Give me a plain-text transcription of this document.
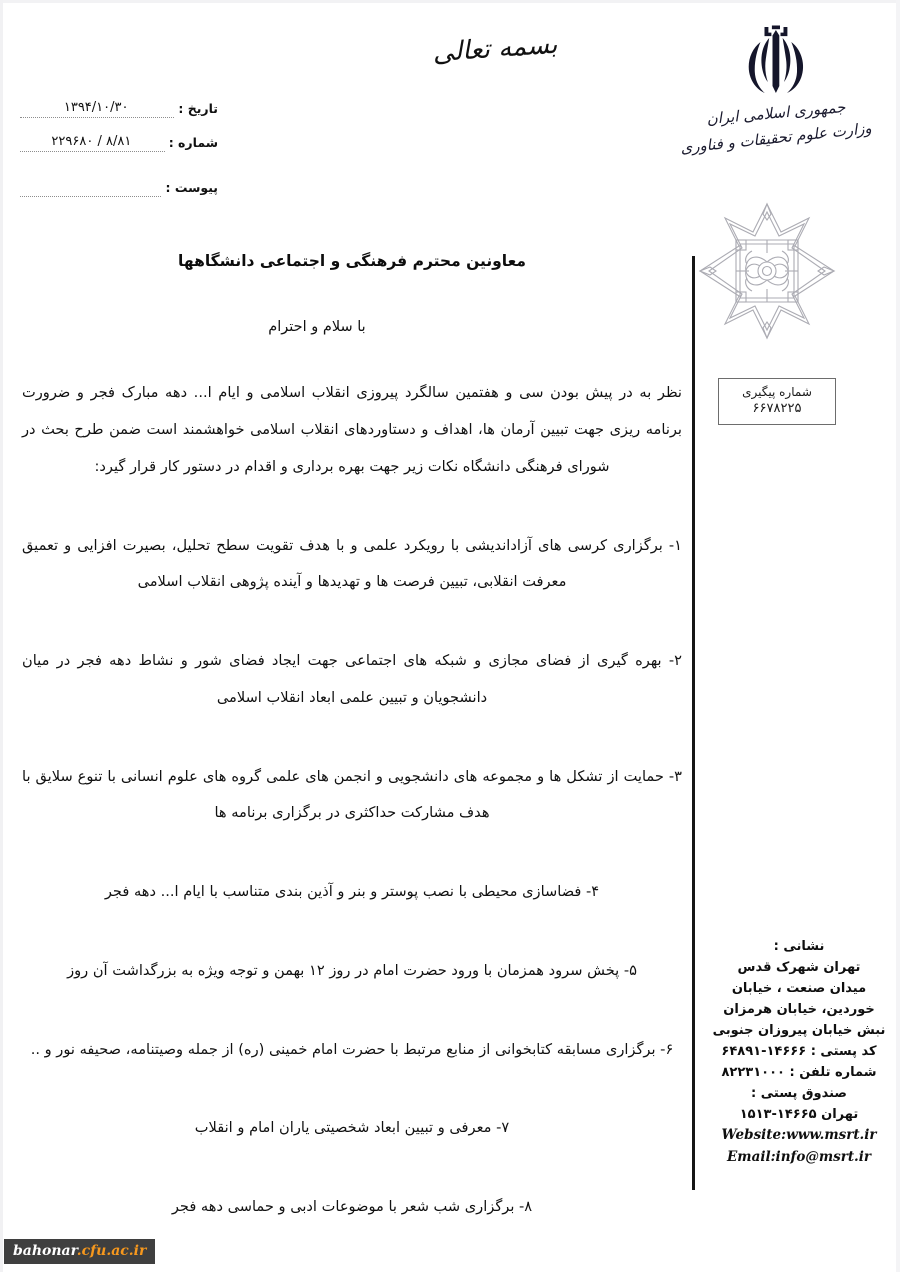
بسمه تعالی
جمهوری اسلامی ایران
وزارت علوم تحقیقات و فناوری
تاریخ :
۱۳۹۴/۱۰/۳۰
شماره :
۸/۸۱ / ۲۲۹۶۸۰
پیوست :
شماره پیگیری
۶۶۷۸۲۲۵
معاونین محترم فرهنگی و اجتماعی دانشگاهها
با سلام و احترام
نظر به در پیش بودن سی و هفتمین سالگرد پیروزی انقلاب اسلامی و ایام ا... دهه مبارک فجر و ضرورت برنامه ریزی جهت تبیین آرمان ها، اهداف و دستاوردهای انقلاب اسلامی خواهشمند است ضمن طرح بحث در شورای فرهنگی دانشگاه نکات زیر جهت بهره برداری و اقدام در دستور کار قرار گیرد:
۱- برگزاری کرسی های آزاداندیشی با رویکرد علمی و با هدف تقویت سطح تحلیل، بصیرت افزایی و تعمیق معرفت انقلابی، تبیین فرصت ها و تهدیدها و آینده پژوهی انقلاب اسلامی
۲- بهره گیری از فضای مجازی و شبکه های اجتماعی جهت ایجاد فضای شور و نشاط دهه فجر در میان دانشجویان و تبیین علمی ابعاد انقلاب اسلامی
۳- حمایت از تشکل ها و مجموعه های دانشجویی و انجمن های علمی گروه های علوم انسانی با تنوع سلایق با هدف مشارکت حداکثری در برگزاری برنامه ها
۴- فضاسازی محیطی با نصب پوستر و بنر و آذین بندی متناسب با ایام ا... دهه فجر
۵- پخش سرود همزمان با ورود حضرت امام در روز ۱۲ بهمن و توجه ویژه به بزرگداشت آن روز
۶- برگزاری مسابقه کتابخوانی از منابع مرتبط با حضرت امام خمینی (ره) از جمله وصیتنامه، صحیفه نور و ..
۷- معرفی و تبیین ابعاد شخصیتی یاران امام و انقلاب
۸- برگزاری شب شعر با موضوعات ادبی و حماسی دهه فجر
نشانی :
تهران شهرک قدس
میدان صنعت ، خیابان
خوردین، خیابان هرمزان
نبش خیابان پیروزان جنوبی
کد پستی : ۱۴۶۶۶-۶۴۸۹۱
شماره تلفن : ۸۲۲۳۱۰۰۰
صندوق پستی :
تهران ۱۴۶۶۵-۱۵۱۳
Website:www.msrt.ir
Email:info@msrt.ir
bahonar.cfu.ac.ir
